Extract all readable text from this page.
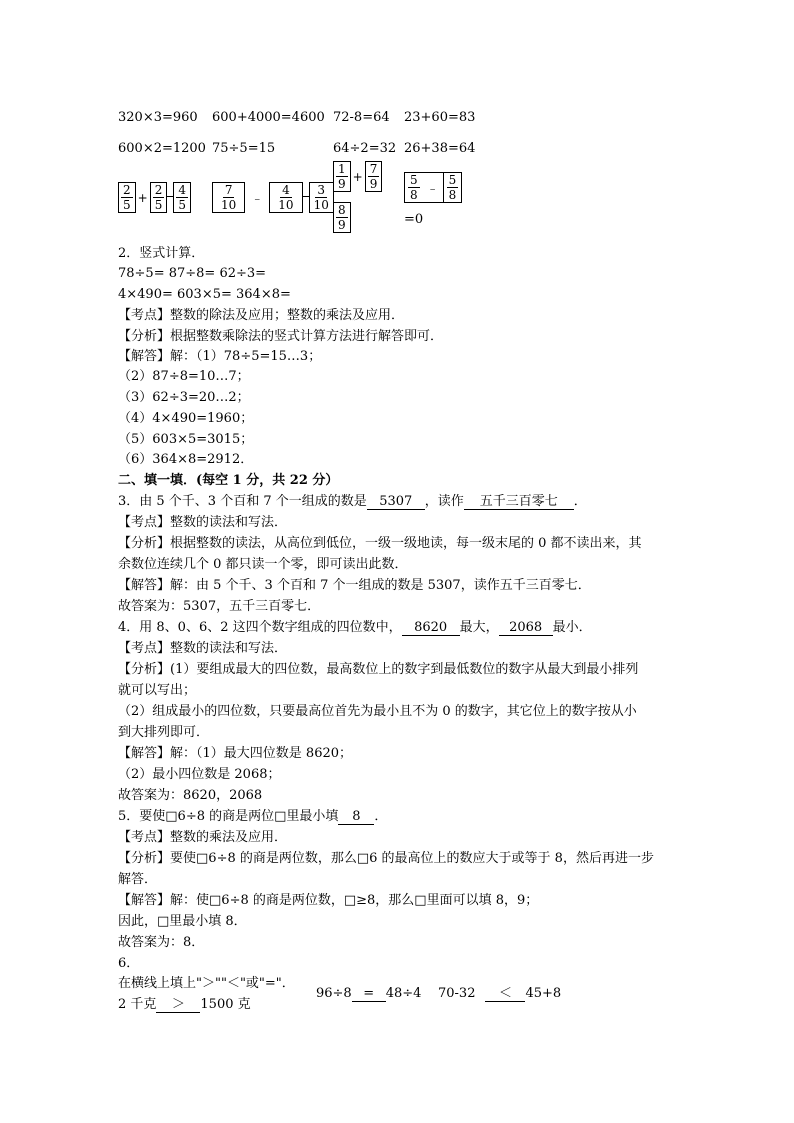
320×3=960 600+4000=4600 72-8=64 23+60=83
600×2=1200 75÷5=15	64÷2=32 26+38=64
$\frac{2}{5} + \frac{2}{5} \frac{4}{5} \frac{7}{10}$ ﹣ $\frac{4}{10} \frac{3}{10}$
$\frac{1}{9} + \frac{7}{9}$
$\frac{8}{9}$
$\frac{5}{8}$ ﹣ $\frac{5}{8}$
=0
2．竖式计算．
78÷5= 87÷8= 62÷3=
4×490= 603×5= 364×8=
【考点】整数的除法及应用；整数的乘法及应用．
【分析】根据整数乘除法的竖式计算方法进行解答即可．
【解答】解：（1）78÷5=15…3；
（2）87÷8=10…7；
（3）62÷3=20…2；
（4）4×490=1960；
（5）603×5=3015；
（6）364×8=2912．
二、填一填．(每空 1 分，共 22 分）
3．由 5 个千、3 个百和 7 个一组成的数是 5307 ，读作 五千三百零七 ．
【考点】整数的读法和写法．
【分析】根据整数的读法，从高位到低位，一级一级地读，每一级末尾的 0 都不读出来，其
余数位连续几个 0 都只读一个零，即可读出此数．
【解答】解：由 5 个千、3 个百和 7 个一组成的数是 5307，读作五千三百零七．
故答案为：5307，五千三百零七．
4．用 8、0、6、2 这四个数字组成的四位数中， 8620 最大， 2068 最小．
【考点】整数的读法和写法．
【分析】(1）要组成最大的四位数，最高数位上的数字到最低数位的数字从最大到最小排列
就可以写出；
（2）组成最小的四位数，只要最高位首先为最小且不为 0 的数字，其它位上的数字按从小
到大排列即可．
【解答】解：（1）最大四位数是 8620；
（2）最小四位数是 2068；
故答案为：8620，2068
5．要使□6÷8 的商是两位□里最小填 8 ．
【考点】整数的乘法及应用．
【分析】要使□6÷8 的商是两位数，那么□6 的最高位上的数应大于或等于 8，然后再进一步
解答．
【解答】解：使□6÷8 的商是两位数，□≥8，那么□里面可以填 8，9；
因此，□里最小填 8．
故答案为：8．
6．
在横线上填上"＞""＜"或"="．
96÷8 = 48÷4 70-32 ＜ 45+8
2 千克 ＞ 1500 克
